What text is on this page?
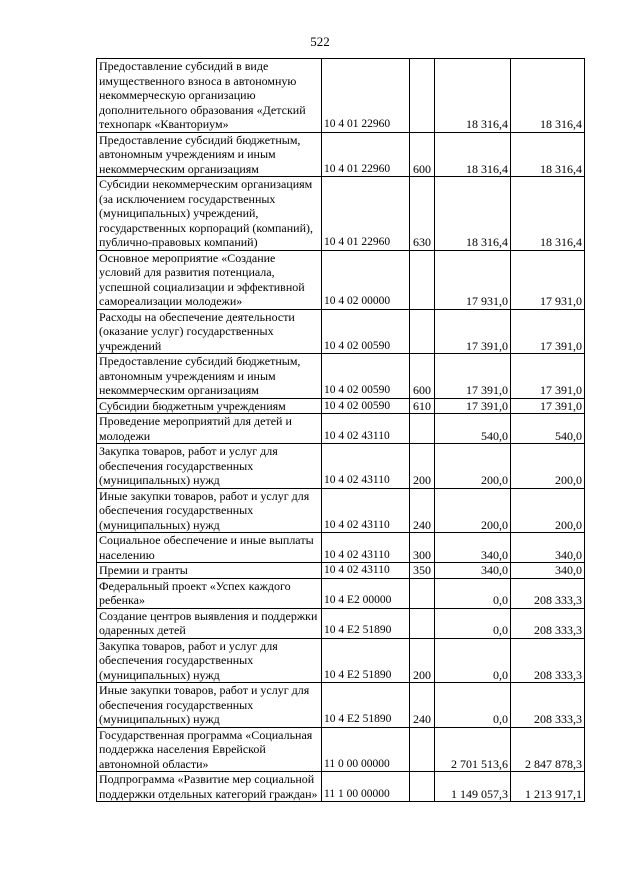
522
Предоставление субсидий в виде имущественного взноса в автономную некоммерческую организацию дополнительного образования «Детский технопарк «Кванториум»	10 4 01 22960		18 316,4	18 316,4
Предоставление субсидий бюджетным, автономным учреждениям и иным некоммерческим организациям	10 4 01 22960	600	18 316,4	18 316,4
Субсидии некоммерческим организациям (за исключением государственных (муниципальных) учреждений, государственных корпораций (компаний), публично-правовых компаний)	10 4 01 22960	630	18 316,4	18 316,4
Основное мероприятие «Создание условий для развития потенциала, успешной социализации и эффективной самореализации молодежи»	10 4 02 00000		17 931,0	17 931,0
Расходы на обеспечение деятельности (оказание услуг) государственных учреждений	10 4 02 00590		17 391,0	17 391,0
Предоставление субсидий бюджетным, автономным учреждениям и иным некоммерческим организациям	10 4 02 00590	600	17 391,0	17 391,0
Субсидии бюджетным учреждениям	10 4 02 00590	610	17 391,0	17 391,0
Проведение мероприятий для детей и молодежи	10 4 02 43110		540,0	540,0
Закупка товаров, работ и услуг для обеспечения государственных (муниципальных) нужд	10 4 02 43110	200	200,0	200,0
Иные закупки товаров, работ и услуг для обеспечения государственных (муниципальных) нужд	10 4 02 43110	240	200,0	200,0
Социальное обеспечение и иные выплаты населению	10 4 02 43110	300	340,0	340,0
Премии и гранты	10 4 02 43110	350	340,0	340,0
Федеральный проект «Успех каждого ребенка»	10 4 E2 00000		0,0	208 333,3
Создание центров выявления и поддержки одаренных детей	10 4 E2 51890		0,0	208 333,3
Закупка товаров, работ и услуг для обеспечения государственных (муниципальных) нужд	10 4 E2 51890	200	0,0	208 333,3
Иные закупки товаров, работ и услуг для обеспечения государственных (муниципальных) нужд	10 4 E2 51890	240	0,0	208 333,3
Государственная программа «Социальная поддержка населения Еврейской автономной области»	11 0 00 00000		2 701 513,6	2 847 878,3
Подпрограмма «Развитие мер социальной поддержки отдельных категорий граждан»	11 1 00 00000		1 149 057,3	1 213 917,1
